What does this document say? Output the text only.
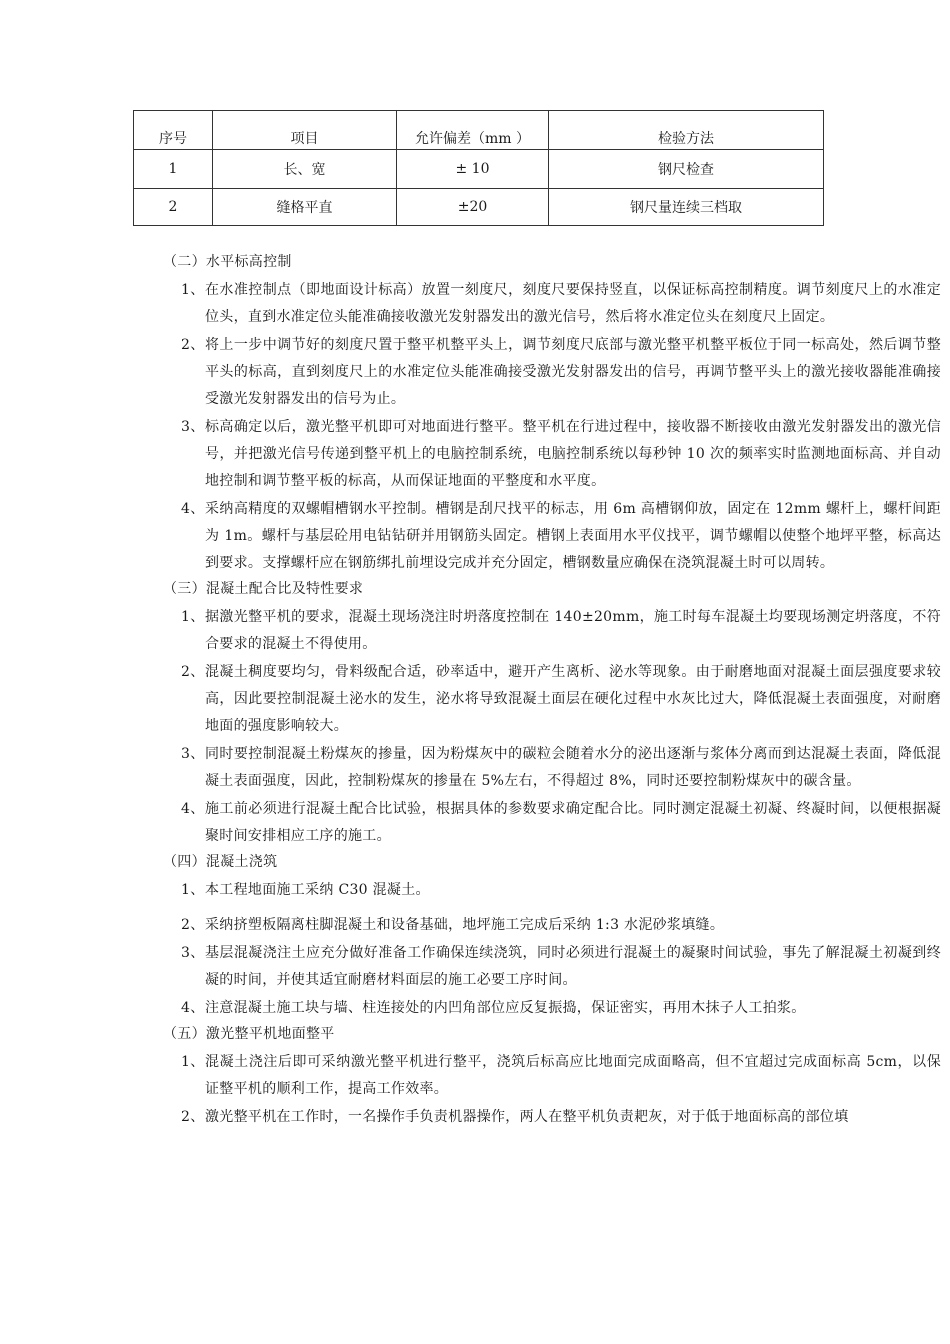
序号	项目	允许偏差（mm ）	检验方法
1	长、宽	± 10	钢尺检查
2	缝格平直	±20	钢尺量连续三档取
（二）水平标高控制
1、 在水准控制点（即地面设计标高）放置一刻度尺，刻度尺要保持竖直，以保证标高控制精度。调节刻度尺上的水准定位头，直到水准定位头能准确接收激光发射器发出的激光信号，然后将水准定位头在刻度尺上固定。
2、 将上一步中调节好的刻度尺置于整平机整平头上，调节刻度尺底部与激光整平机整平板位于同一标高处，然后调节整平头的标高，直到刻度尺上的水准定位头能准确接受激光发射器发出的信号，再调节整平头上的激光接收器能准确接受激光发射器发出的信号为止。
3、 标高确定以后，激光整平机即可对地面进行整平。整平机在行进过程中，接收器不断接收由激光发射器发出的激光信号，并把激光信号传递到整平机上的电脑控制系统，电脑控制系统以每秒钟 10 次的频率实时监测地面标高、并自动地控制和调节整平板的标高，从而保证地面的平整度和水平度。
4、 采纳高精度的双螺帽槽钢水平控制。槽钢是刮尺找平的标志，用 6m 高槽钢仰放，固定在 12mm 螺杆上，螺杆间距为 1m。螺杆与基层砼用电钻钻研并用钢筋头固定。槽钢上表面用水平仪找平，调节螺帽以使整个地坪平整，标高达到要求。支撑螺杆应在钢筋绑扎前埋设完成并充分固定，槽钢数量应确保在浇筑混凝土时可以周转。
（三）混凝土配合比及特性要求
1、 据激光整平机的要求，混凝土现场浇注时坍落度控制在 140±20mm，施工时每车混凝土均要现场测定坍落度，不符合要求的混凝土不得使用。
2、 混凝土稠度要均匀，骨料级配合适，砂率适中，避开产生离析、泌水等现象。由于耐磨地面对混凝土面层强度要求较高，因此要控制混凝土泌水的发生，泌水将导致混凝土面层在硬化过程中水灰比过大，降低混凝土表面强度，对耐磨地面的强度影响较大。
3、 同时要控制混凝土粉煤灰的掺量，因为粉煤灰中的碳粒会随着水分的泌出逐渐与浆体分离而到达混凝土表面，降低混凝土表面强度，因此，控制粉煤灰的掺量在 5%左右，不得超过 8%，同时还要控制粉煤灰中的碳含量。
4、 施工前必须进行混凝土配合比试验，根据具体的参数要求确定配合比。同时测定混凝土初凝、终凝时间，以便根据凝聚时间安排相应工序的施工。
（四）混凝土浇筑
1、 本工程地面施工采纳 C30 混凝土。
2、 采纳挤塑板隔离柱脚混凝土和设备基础，地坪施工完成后采纳 1:3 水泥砂浆填缝。
3、 基层混凝浇注土应充分做好准备工作确保连续浇筑，同时必须进行混凝土的凝聚时间试验，事先了解混凝土初凝到终凝的时间，并使其适宜耐磨材料面层的施工必要工序时间。
4、 注意混凝土施工块与墙、柱连接处的内凹角部位应反复振捣，保证密实，再用木抹子人工拍浆。
（五）激光整平机地面整平
1、 混凝土浇注后即可采纳激光整平机进行整平，浇筑后标高应比地面完成面略高，但不宜超过完成面标高 5cm，以保证整平机的顺利工作，提高工作效率。
2、 激光整平机在工作时，一名操作手负责机器操作，两人在整平机负责耙灰，对于低于地面标高的部位填
